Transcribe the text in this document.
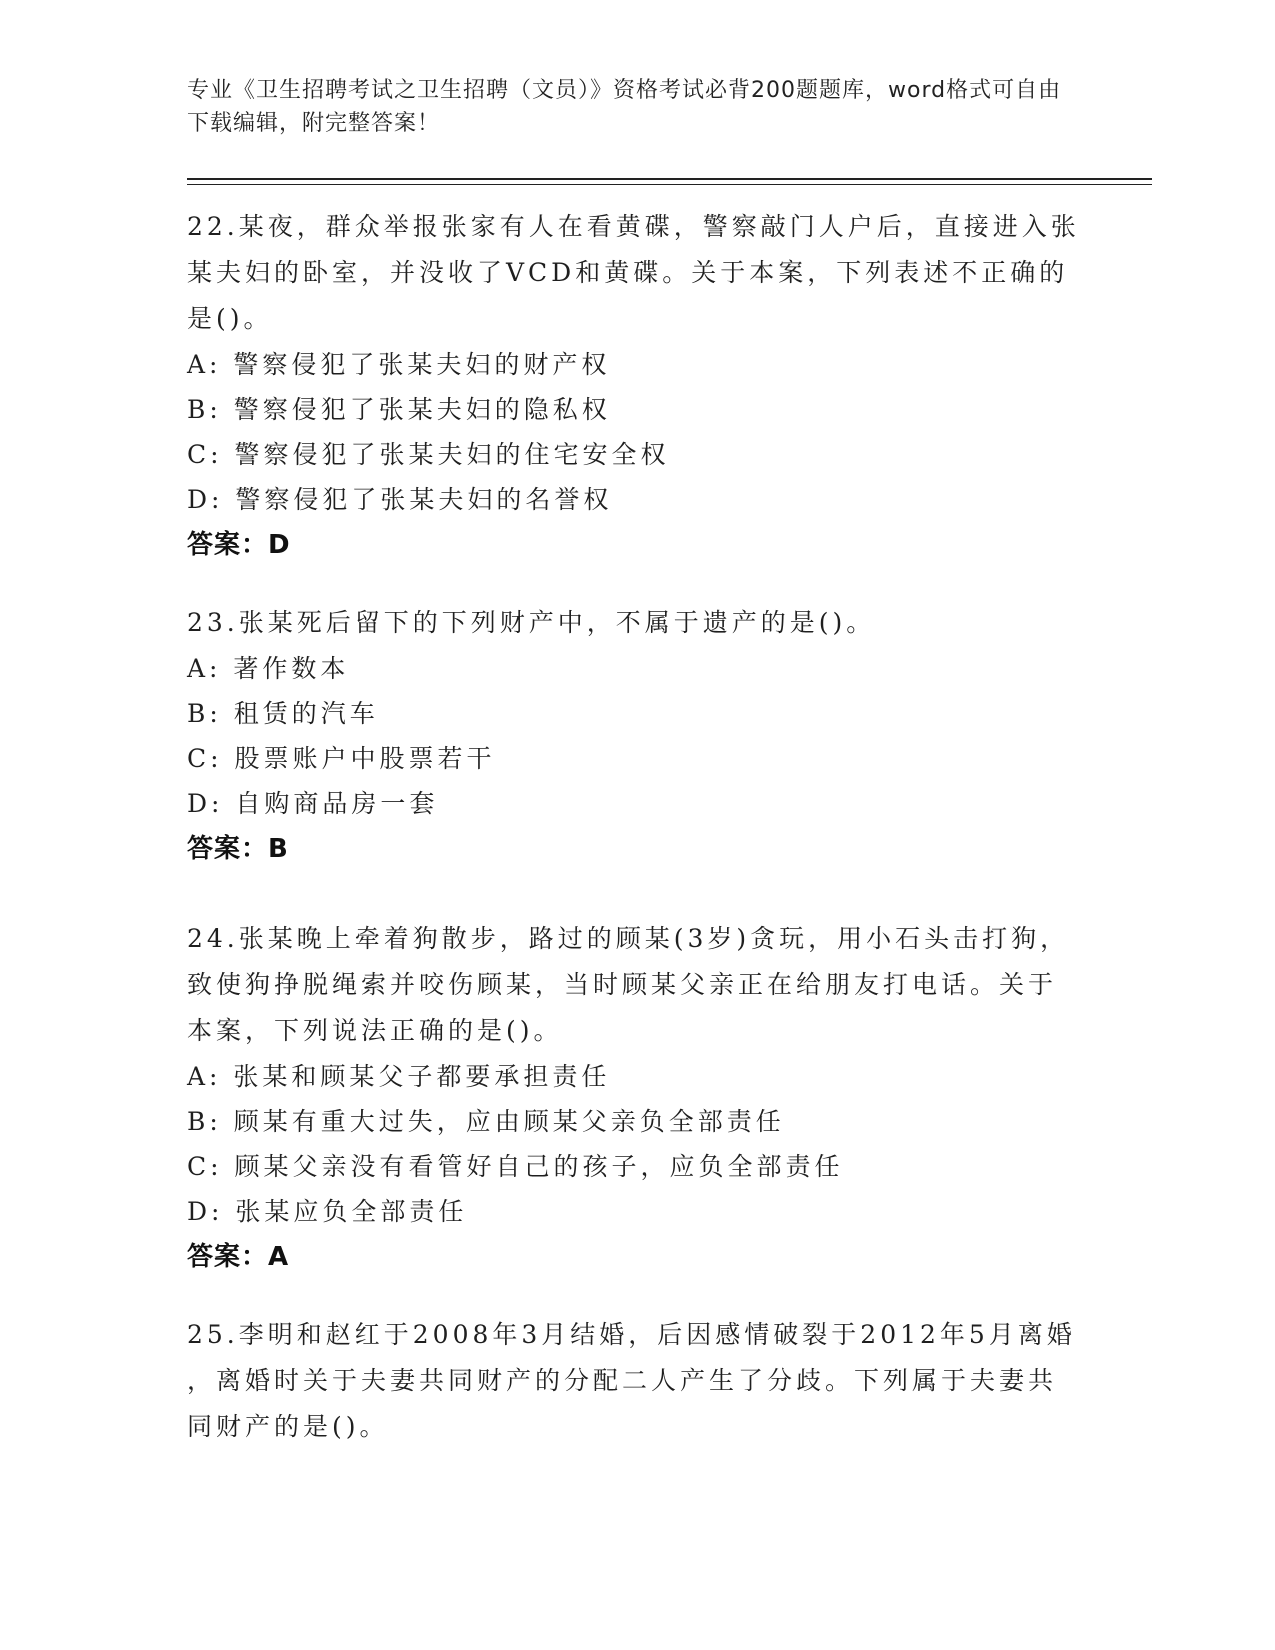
专业《卫生招聘考试之卫生招聘（文员）》资格考试必背200题题库，word格式可自由下载编辑，附完整答案！
22.某夜，群众举报张家有人在看黄碟，警察敲门人户后，直接进入张
某夫妇的卧室，并没收了VCD和黄碟。关于本案，下列表述不正确的
是()。
A: 警察侵犯了张某夫妇的财产权
B: 警察侵犯了张某夫妇的隐私权
C: 警察侵犯了张某夫妇的住宅安全权
D: 警察侵犯了张某夫妇的名誉权
答案：D
23.张某死后留下的下列财产中，不属于遗产的是()。
A: 著作数本
B: 租赁的汽车
C: 股票账户中股票若干
D: 自购商品房一套
答案：B
24.张某晚上牵着狗散步，路过的顾某(3岁)贪玩，用小石头击打狗，
致使狗挣脱绳索并咬伤顾某，当时顾某父亲正在给朋友打电话。关于
本案，下列说法正确的是()。
A: 张某和顾某父子都要承担责任
B: 顾某有重大过失，应由顾某父亲负全部责任
C: 顾某父亲没有看管好自己的孩子，应负全部责任
D: 张某应负全部责任
答案：A
25.李明和赵红于2008年3月结婚，后因感情破裂于2012年5月离婚
，离婚时关于夫妻共同财产的分配二人产生了分歧。下列属于夫妻共
同财产的是()。
